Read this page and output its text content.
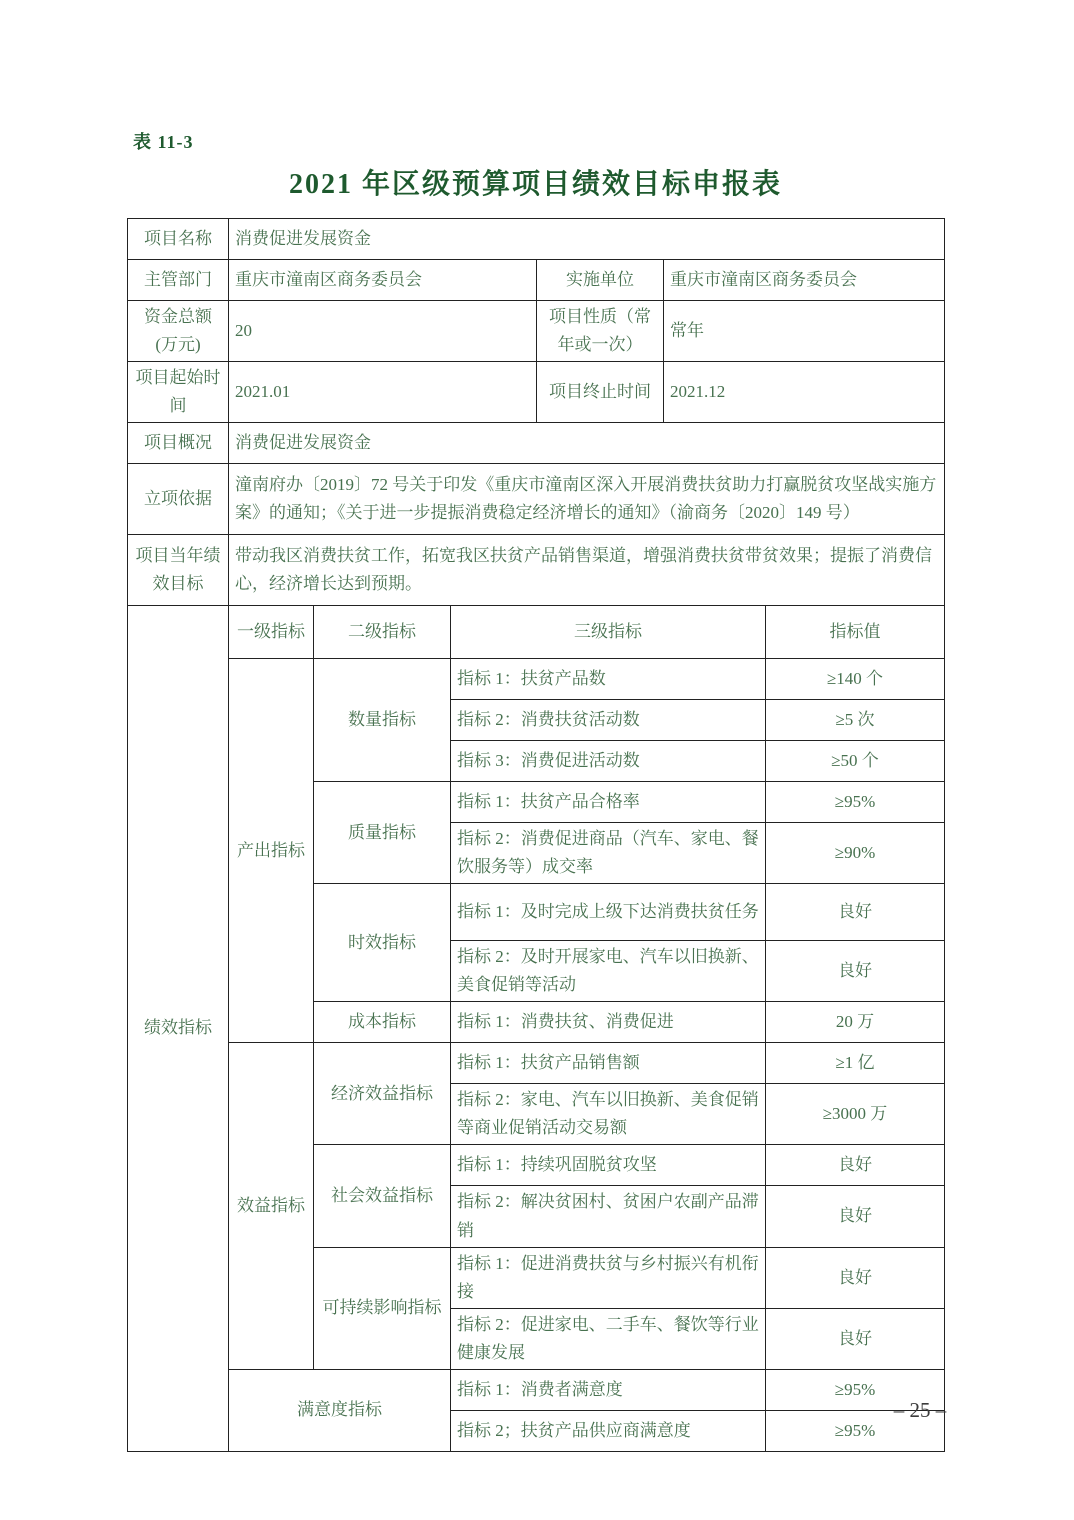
表 11-3
2021 年区级预算项目绩效目标申报表
项目名称	消费促进发展资金					
主管部门	重庆市潼南区商务委员会			实施单位	重庆市潼南区商务委员会	
资金总额(万元)	20			项目性质（常年或一次）	常年	
项目起始时间	2021.01			项目终止时间	2021.12	
项目概况	消费促进发展资金					
立项依据	潼南府办〔2019〕72 号关于印发《重庆市潼南区深入开展消费扶贫助力打赢脱贫攻坚战实施方案》的通知；《关于进一步提振消费稳定经济增长的通知》（渝商务〔2020〕149 号）					
项目当年绩效目标	带动我区消费扶贫工作，拓宽我区扶贫产品销售渠道，增强消费扶贫带贫效果；提振了消费信心，经济增长达到预期。					
绩效指标	一级指标	二级指标	三级指标			指标值
	产出指标	数量指标	指标 1：扶贫产品数			≥140 个
			指标 2：消费扶贫活动数			≥5 次
			指标 3：消费促进活动数			≥50 个
		质量指标	指标 1：扶贫产品合格率			≥95%
			指标 2：消费促进商品（汽车、家电、餐饮服务等）成交率			≥90%
		时效指标	指标 1：及时完成上级下达消费扶贫任务			良好
			指标 2：及时开展家电、汽车以旧换新、美食促销等活动			良好
		成本指标	指标 1：消费扶贫、消费促进			20 万
	效益指标	经济效益指标	指标 1：扶贫产品销售额			≥1 亿
			指标 2：家电、汽车以旧换新、美食促销等商业促销活动交易额			≥3000 万
		社会效益指标	指标 1：持续巩固脱贫攻坚			良好
			指标 2：解决贫困村、贫困户农副产品滞销			良好
		可持续影响指标	指标 1：促进消费扶贫与乡村振兴有机衔接			良好
			指标 2：促进家电、二手车、餐饮等行业健康发展			良好
	满意度指标		指标 1：消费者满意度			≥95%
			指标 2；扶贫产品供应商满意度			≥95%
– 25 –
